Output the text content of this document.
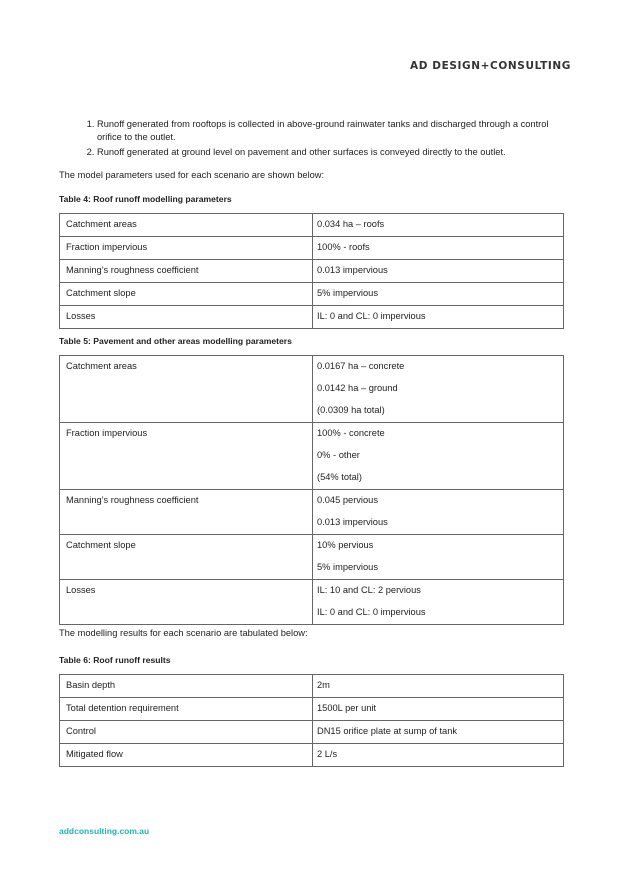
AD DESIGN+CONSULTING
1. Runoff generated from rooftops is collected in above-ground rainwater tanks and discharged through a control orifice to the outlet.
2. Runoff generated at ground level on pavement and other surfaces is conveyed directly to the outlet.

The model parameters used for each scenario are shown below:

Table 4: Roof runoff modelling parameters
Catchment areas	0.034 ha – roofs

Fraction impervious	100% - roofs

Manning’s roughness coefficient	0.013 impervious

Catchment slope	5% impervious

Losses	IL: 0 and CL: 0 impervious
Table 5: Pavement and other areas modelling parameters
Catchment areas	0.0167 ha – concrete
0.0142 ha – ground
(0.0309 ha total)

Fraction impervious	100% - concrete
0% - other
(54% total)

Manning’s roughness coefficient	0.045 pervious
0.013 impervious

Catchment slope	10% pervious
5% impervious

Losses	IL: 10 and CL: 2 pervious
IL: 0 and CL: 0 impervious

The modelling results for each scenario are tabulated below:

Table 6: Roof runoff results
Basin depth	2m

Total detention requirement	1500L per unit

Control	DN15 orifice plate at sump of tank

Mitigated flow	2 L/s
addconsulting.com.au
